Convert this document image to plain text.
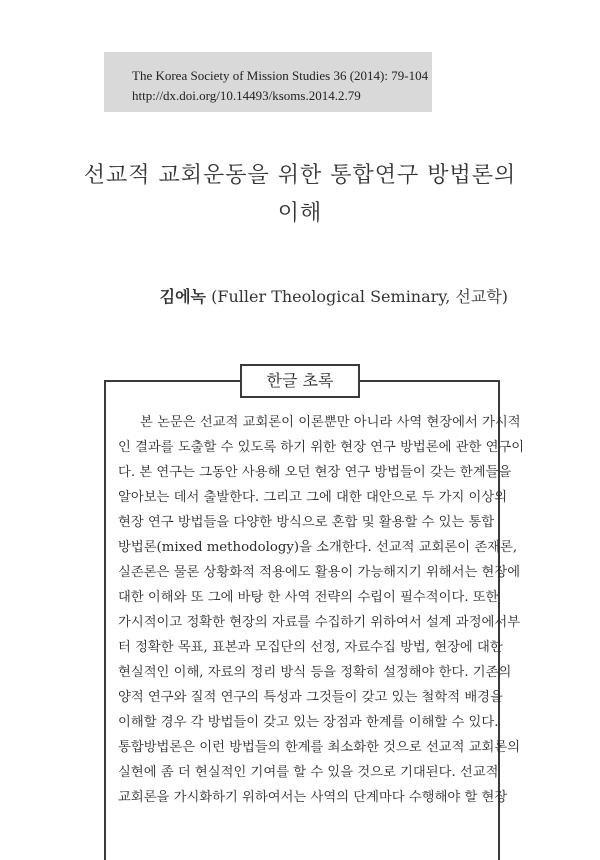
The Korea Society of Mission Studies 36 (2014): 79-104
http://dx.doi.org/10.14493/ksoms.2014.2.79
선교적 교회운동을 위한 통합연구 방법론의
이해
김에녹 (Fuller Theological Seminary, 선교학)
한글 초록
본 논문은 선교적 교회론이 이론뿐만 아니라 사역 현장에서 가시적
인 결과를 도출할 수 있도록 하기 위한 현장 연구 방법론에 관한 연구이
다. 본 연구는 그동안 사용해 오던 현장 연구 방법들이 갖는 한계들을
알아보는 데서 출발한다. 그리고 그에 대한 대안으로 두 가지 이상의
현장 연구 방법들을 다양한 방식으로 혼합 및 활용할 수 있는 통합
방법론(mixed methodology)을 소개한다. 선교적 교회론이 존재론,
실존론은 물론 상황화적 적용에도 활용이 가능해지기 위해서는 현장에
대한 이해와 또 그에 바탕 한 사역 전략의 수립이 필수적이다. 또한
가시적이고 정확한 현장의 자료를 수집하기 위하여서 설계 과정에서부
터 정확한 목표, 표본과 모집단의 선정, 자료수집 방법, 현장에 대한
현실적인 이해, 자료의 정리 방식 등을 정확히 설정해야 한다. 기존의
양적 연구와 질적 연구의 특성과 그것들이 갖고 있는 철학적 배경을
이해할 경우 각 방법들이 갖고 있는 장점과 한계를 이해할 수 있다.
통합방법론은 이런 방법들의 한계를 최소화한 것으로 선교적 교회론의
실현에 좀 더 현실적인 기여를 할 수 있을 것으로 기대된다. 선교적
교회론을 가시화하기 위하여서는 사역의 단계마다 수행해야 할 현장
